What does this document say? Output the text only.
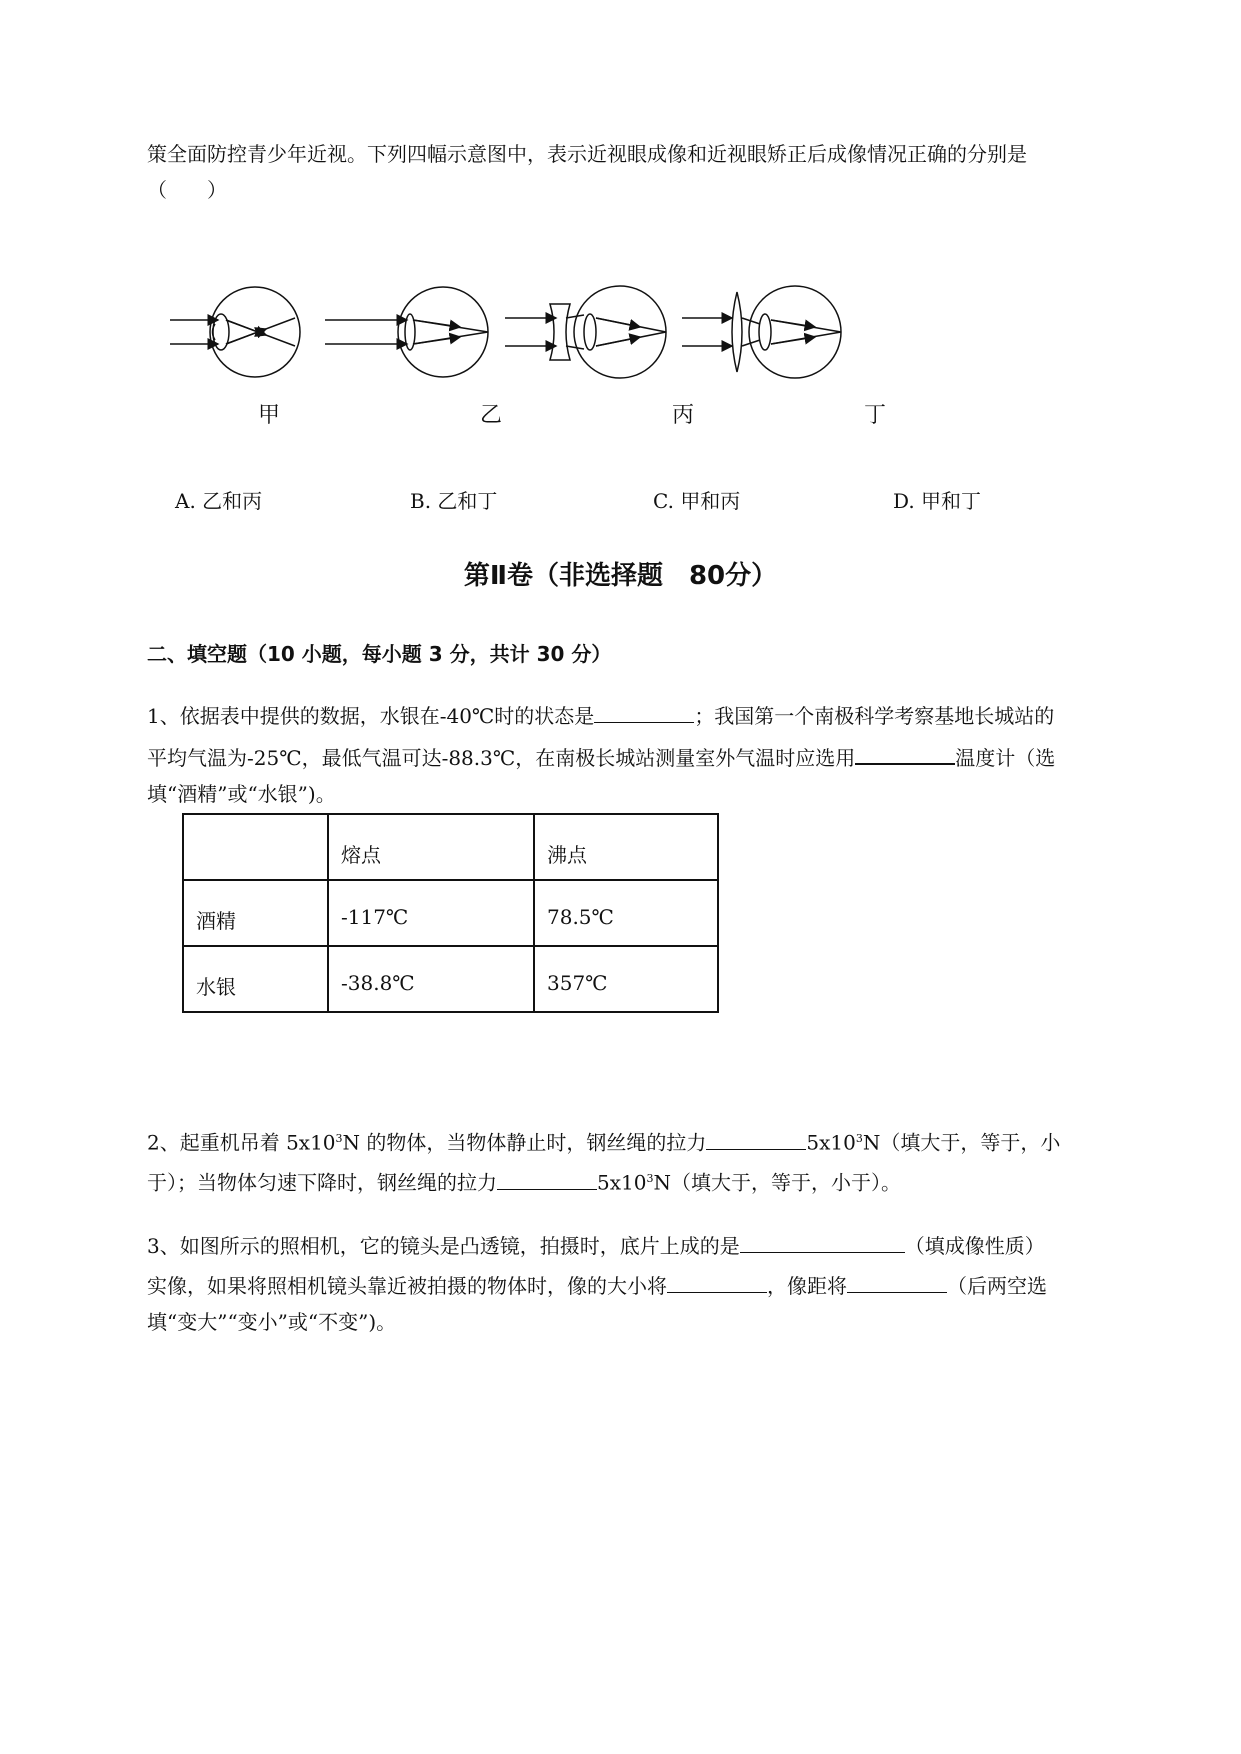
策全面防控青少年近视。下列四幅示意图中，表示近视眼成像和近视眼矫正后成像情况正确的分别是
（　　）
甲	乙	丙	丁
A. 乙和丙	B. 乙和丁	C. 甲和丙	D. 甲和丁
第Ⅱ卷（非选择题　80分）
二、填空题（10 小题，每小题 3 分，共计 30 分）
1、依据表中提供的数据，水银在-40℃时的状态是	；我国第一个南极科学考察基地长城站的
平均气温为-25℃，最低气温可达-88.3℃，在南极长城站测量室外气温时应选用	温度计（选
填“酒精”或“水银”)。
	熔点	沸点
酒精	-117℃	78.5℃
水银	-38.8℃	357℃
2、起重机吊着 $5x10^3N$ 的物体，当物体静止时，钢丝绳的拉力	$5x10^3N$（填大于，等于，小
于）；当物体匀速下降时，钢丝绳的拉力	$5x10^3N$（填大于，等于，小于）。
3、如图所示的照相机，它的镜头是凸透镜，拍摄时，底片上成的是	（填成像性质）
实像，如果将照相机镜头靠近被拍摄的物体时，像的大小将	，像距将	（后两空选
填“变大”“变小”或“不变”)。
